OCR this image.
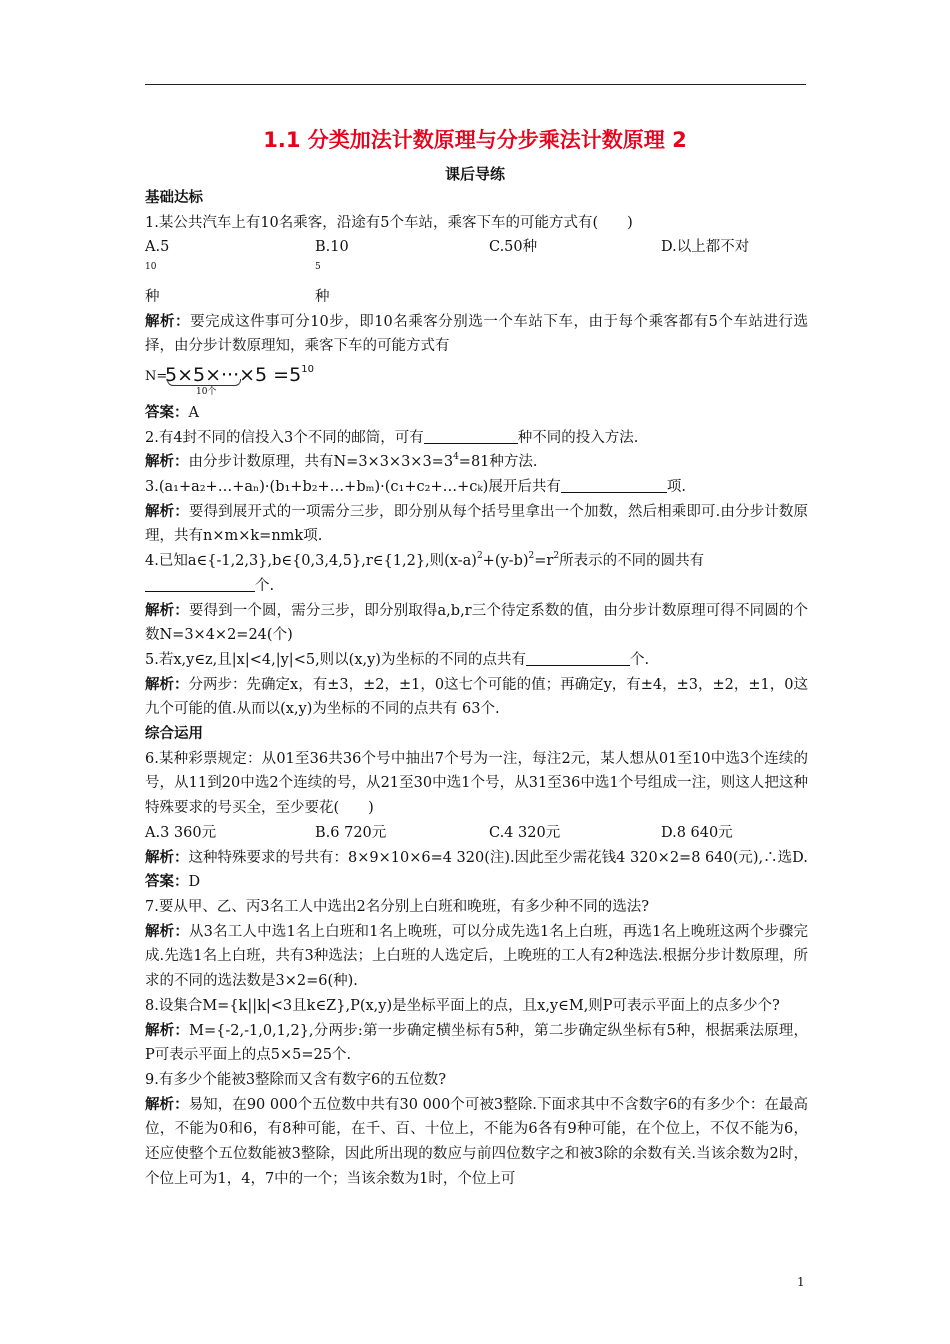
1.1 分类加法计数原理与分步乘法计数原理 2
课后导练

基础达标

1.某公共汽车上有10名乘客，沿途有5个车站，乘客下车的可能方式有(　　)

A.510种
B.105种
C.50种	D.以上都不对

解析：要完成这件事可分10步，即10名乘客分别选一个车站下车，由于每个乘客都有5个车站进行选择，由分步计数原理知，乘客下车的可能方式有

N=
$5\times 5\times\cdot\cdot\cdot\times 5 =5^{10}$
10个

答案：A

2.有4封不同的信投入3个不同的邮筒，可有	种不同的投入方法.

解析：由分步计数原理，共有$N=3\times 3\times 3\times 3=3^4=81$种方法.

3.(a₁+a₂+…+aₙ)·(b₁+b₂+…+bₘ)·(c₁+c₂+…+cₖ)展开后共有	项.

解析：要得到展开式的一项需分三步，即分别从每个括号里拿出一个加数，然后相乘即可.由分步计数原理，共有n×m×k=nmk项.

4.已知a∈{-1,2,3},b∈{0,3,4,5},r∈{1,2},则$(x-a)^2+(y-b)^2=r^2$所表示的不同的圆共有
个.

解析：要得到一个圆，需分三步，即分别取得a,b,r三个待定系数的值，由分步计数原理可得不同圆的个数N=3×4×2=24(个)

5.若x,y∈z,且|x|<4,|y|<5,则以(x,y)为坐标的不同的点共有	个.

解析：分两步：先确定x，有±3，±2，±1，0这七个可能的值；再确定y，有±4，±3，±2，±1，0这九个可能的值.从而以(x,y)为坐标的不同的点共有 63个.

综合运用

6.某种彩票规定：从01至36共36个号中抽出7个号为一注，每注2元，某人想从01至10中选3个连续的号，从11到20中选2个连续的号，从21至30中选1个号，从31至36中选1个号组成一注，则这人把这种特殊要求的号买全，至少要花(　　)

A.3 360元	B.6 720元	C.4 320元	D.8 640元

解析：这种特殊要求的号共有：8×9×10×6=4 320(注).因此至少需花钱4 320×2=8 640(元),∴选D.

答案：D

7.要从甲、乙、丙3名工人中选出2名分别上白班和晚班，有多少种不同的选法?

解析：从3名工人中选1名上白班和1名上晚班，可以分成先选1名上白班，再选1名上晚班这两个步骤完成.先选1名上白班，共有3种选法；上白班的人选定后，上晚班的工人有2种选法.根据分步计数原理，所求的不同的选法数是3×2=6(种).

8.设集合M={k||k|<3且k∈Z},P(x,y)是坐标平面上的点，且x,y∈M,则P可表示平面上的点多少个?

解析：M={-2,-1,0,1,2},分两步:第一步确定横坐标有5种，第二步确定纵坐标有5种，根据乘法原理，P可表示平面上的点5×5=25个.

9.有多少个能被3整除而又含有数字6的五位数?

解析：易知，在90 000个五位数中共有30 000个可被3整除.下面求其中不含数字6的有多少个：在最高位，不能为0和6，有8种可能，在千、百、十位上，不能为6各有9种可能，在个位上，不仅不能为6，还应使整个五位数能被3整除，因此所出现的数应与前四位数字之和被3除的余数有关.当该余数为2时，个位上可为1，4，7中的一个；当该余数为1时，个位上可

1
